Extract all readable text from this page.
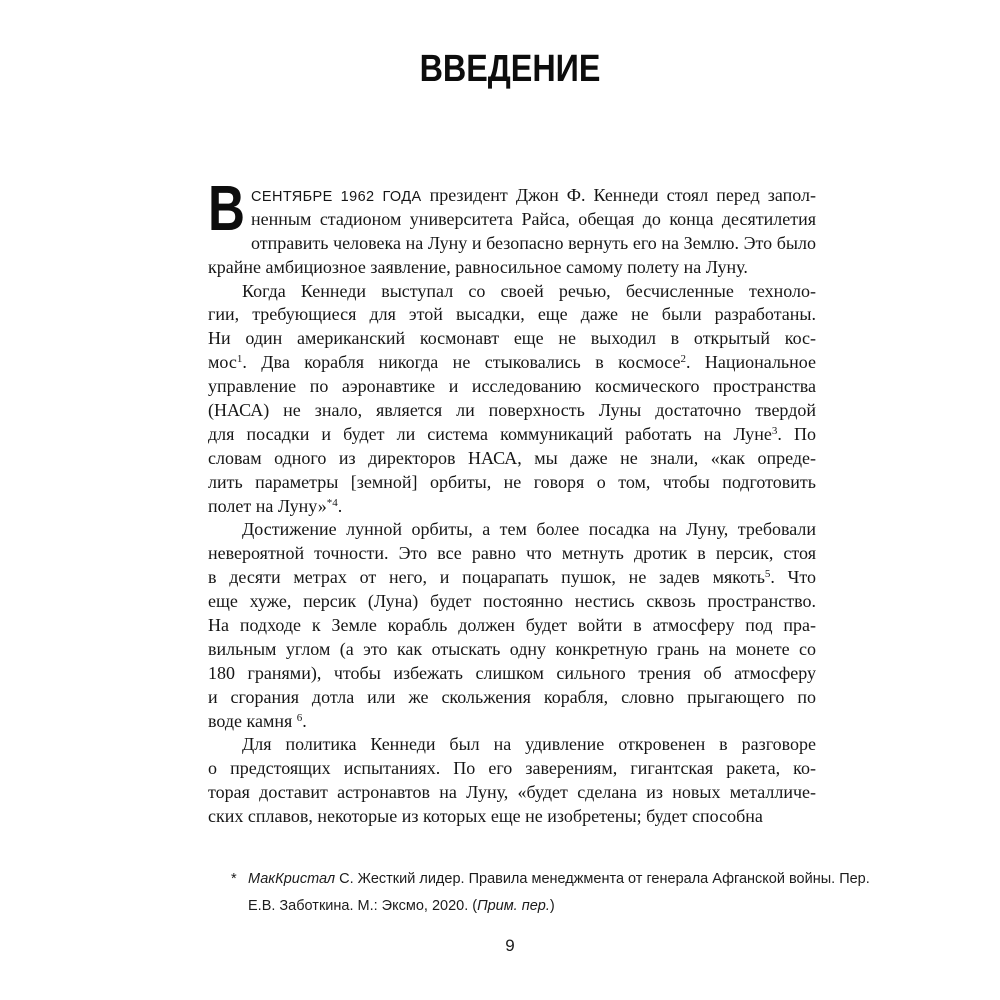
ВВЕДЕНИЕ
В СЕНТЯБРЕ 1962 ГОДА президент Джон Ф. Кеннеди стоял перед запол-
ненным стадионом университета Райса, обещая до конца десятилетия
отправить человека на Луну и безопасно вернуть его на Землю. Это было
крайне амбициозное заявление, равносильное самому полету на Луну.
Когда Кеннеди выступал со своей речью, бесчисленные техноло-
гии, требующиеся для этой высадки, еще даже не были разработаны.
Ни один американский космонавт еще не выходил в открытый кос-
мос$^1$. Два корабля никогда не стыковались в космосе$^2$. Национальное
управление по аэронавтике и исследованию космического пространства
(НАСА) не знало, является ли поверхность Луны достаточно твердой
для посадки и будет ли система коммуникаций работать на Луне$^3$. По
словам одного из директоров НАСА, мы даже не знали, «как опреде-
лить параметры [земной] орбиты, не говоря о том, чтобы подготовить
полет на Луну»$^{*4}$.
Достижение лунной орбиты, а тем более посадка на Луну, требовали
невероятной точности. Это все равно что метнуть дротик в персик, стоя
в десяти метрах от него, и поцарапать пушок, не задев мякоть$^5$. Что
еще хуже, персик (Луна) будет постоянно нестись сквозь пространство.
На подходе к Земле корабль должен будет войти в атмосферу под пра-
вильным углом (а это как отыскать одну конкретную грань на монете со
180 гранями), чтобы избежать слишком сильного трения об атмосферу
и сгорания дотла или же скольжения корабля, словно прыгающего по
воде камня $^6$.
Для политика Кеннеди был на удивление откровенен в разговоре
о предстоящих испытаниях. По его заверениям, гигантская ракета, ко-
торая доставит астронавтов на Луну, «будет сделана из новых металличе-
ских сплавов, некоторые из которых еще не изобретены; будет способна
* МакКристал С. Жесткий лидер. Правила менеджмента от генерала Афганской войны. Пер.
Е.В. Заботкина. М.: Эксмо, 2020. (Прим. пер.)
9
